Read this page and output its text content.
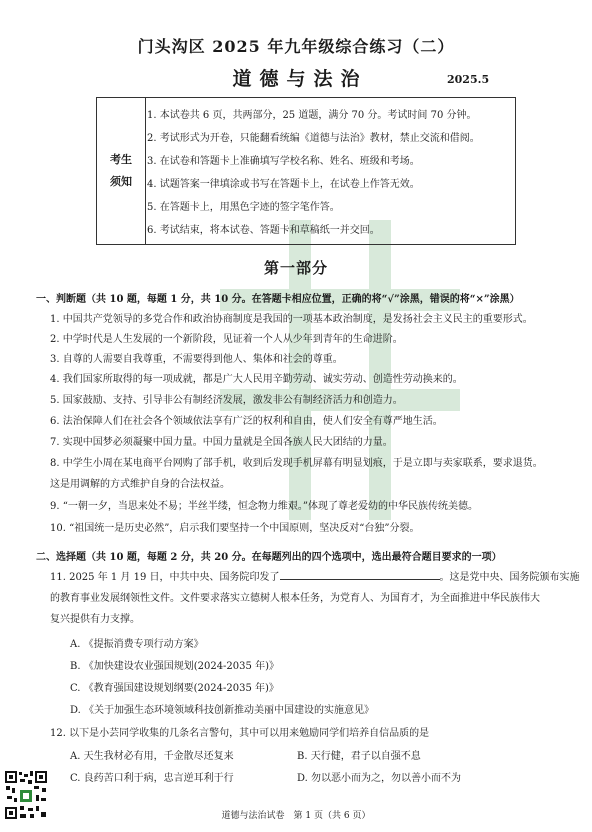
门头沟区 2025 年九年级综合练习（二）
道德与法治	2025.5
考生
须知
1. 本试卷共 6 页，共两部分，25 道题，满分 70 分。考试时间 70 分钟。
2. 考试形式为开卷，只能翻看统编《道德与法治》教材，禁止交流和借阅。
3. 在试卷和答题卡上准确填写学校名称、姓名、班级和考场。
4. 试题答案一律填涂或书写在答题卡上，在试卷上作答无效。
5. 在答题卡上，用黑色字迹的签字笔作答。
6. 考试结束，将本试卷、答题卡和草稿纸一并交回。
第一部分
一、判断题（共 10 题，每题 1 分，共 10 分。在答题卡相应位置，正确的将“√”涂黑，错误的将“×”涂黑）
1. 中国共产党领导的多党合作和政治协商制度是我国的一项基本政治制度，是发扬社会主义民主的重要形式。
2. 中学时代是人生发展的一个新阶段，见证着一个人从少年到青年的生命进阶。
3. 自尊的人需要自我尊重，不需要得到他人、集体和社会的尊重。
4. 我们国家所取得的每一项成就，都是广大人民用辛勤劳动、诚实劳动、创造性劳动换来的。
5. 国家鼓励、支持、引导非公有制经济发展，激发非公有制经济活力和创造力。
6. 法治保障人们在社会各个领域依法享有广泛的权利和自由，使人们安全有尊严地生活。
7. 实现中国梦必须凝聚中国力量。中国力量就是全国各族人民大团结的力量。
8. 中学生小周在某电商平台网购了部手机，收到后发现手机屏幕有明显划痕，于是立即与卖家联系，要求退货。
这是用调解的方式维护自身的合法权益。
9. “一朝一夕，当思来处不易；半丝半缕，恒念物力维艰。”体现了尊老爱幼的中华民族传统美德。
10. “祖国统一是历史必然”，启示我们要坚持一个中国原则，坚决反对“台独”分裂。
二、选择题（共 10 题，每题 2 分，共 20 分。在每题列出的四个选项中，选出最符合题目要求的一项）
11. 2025 年 1 月 19 日，中共中央、国务院印发了	。这是党中央、国务院颁布实施
的教育事业发展纲领性文件。文件要求落实立德树人根本任务，为党育人、为国育才，为全面推进中华民族伟大
复兴提供有力支撑。
A. 《提振消费专项行动方案》
B. 《加快建设农业强国规划(2024-2035 年)》
C. 《教育强国建设规划纲要(2024-2035 年)》
D. 《关于加强生态环境领域科技创新推动美丽中国建设的实施意见》
12. 以下是小芸同学收集的几条名言警句，其中可以用来勉励同学们培养自信品质的是
A. 天生我材必有用，千金散尽还复来	B. 天行健，君子以自强不息
C. 良药苦口利于病，忠言逆耳利于行	D. 勿以恶小而为之，勿以善小而不为
道德与法治试卷　第 1 页（共 6 页）
